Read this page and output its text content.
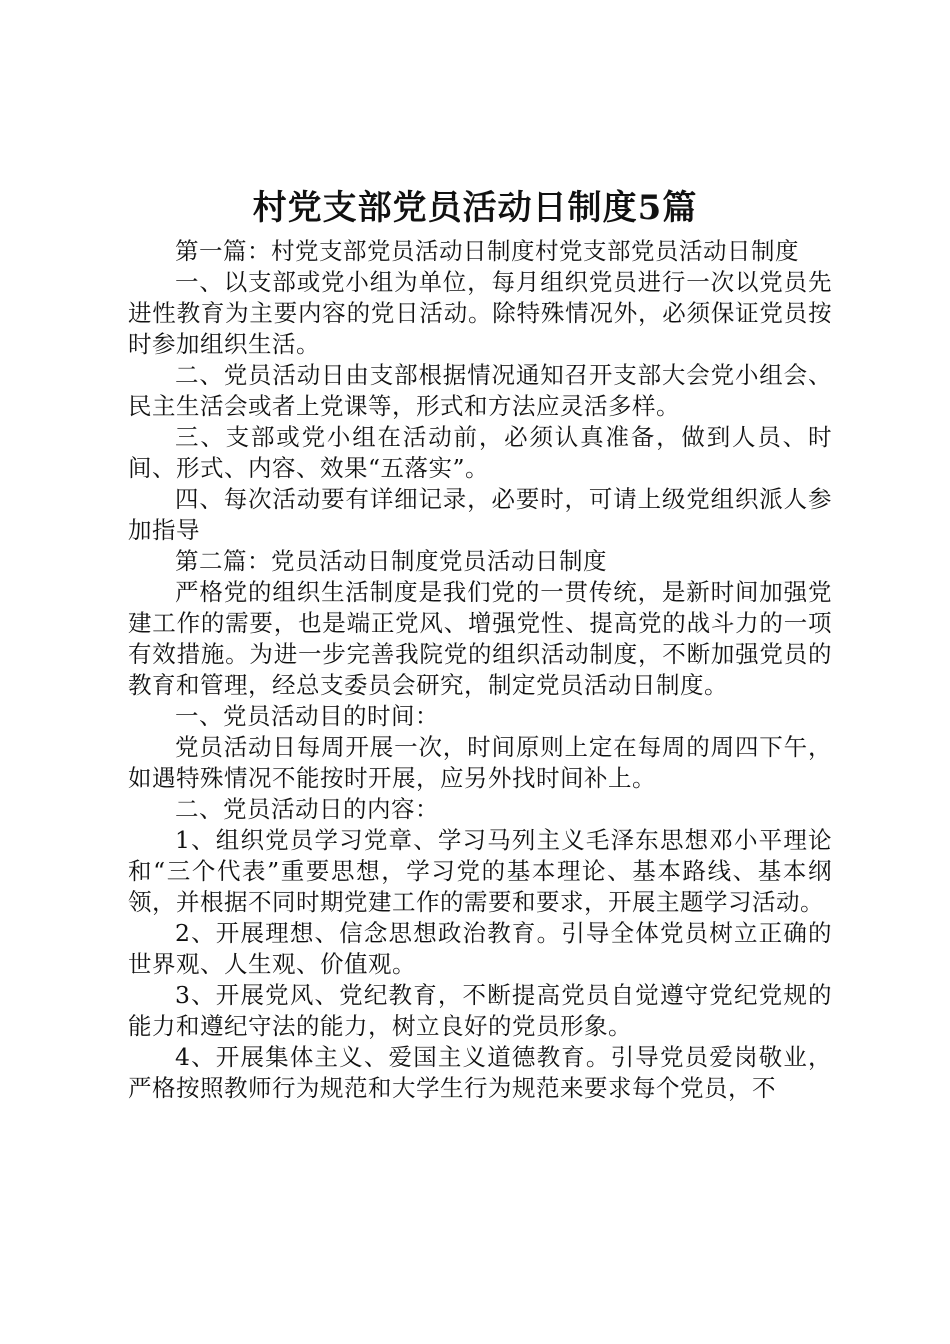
村党支部党员活动日制度5篇

第一篇：村党支部党员活动日制度村党支部党员活动日制度

一、以支部或党小组为单位，每月组织党员进行一次以党员先进性教育为主要内容的党日活动。除特殊情况外，必须保证党员按时参加组织生活。

二、党员活动日由支部根据情况通知召开支部大会党小组会、民主生活会或者上党课等，形式和方法应灵活多样。

三、支部或党小组在活动前，必须认真准备，做到人员、时间、形式、内容、效果“五落实”。

四、每次活动要有详细记录，必要时，可请上级党组织派人参加指导

第二篇：党员活动日制度党员活动日制度

严格党的组织生活制度是我们党的一贯传统，是新时间加强党建工作的需要，也是端正党风、增强党性、提高党的战斗力的一项有效措施。为进一步完善我院党的组织活动制度，不断加强党员的教育和管理，经总支委员会研究，制定党员活动日制度。

一、党员活动目的时间：

党员活动日每周开展一次，时间原则上定在每周的周四下午，如遇特殊情况不能按时开展，应另外找时间补上。

二、党员活动日的内容：

1、组织党员学习党章、学习马列主义毛泽东思想邓小平理论和“三个代表”重要思想，学习党的基本理论、基本路线、基本纲领，并根据不同时期党建工作的需要和要求，开展主题学习活动。

2、开展理想、信念思想政治教育。引导全体党员树立正确的世界观、人生观、价值观。

3、开展党风、党纪教育，不断提高党员自觉遵守党纪党规的能力和遵纪守法的能力，树立良好的党员形象。

4、开展集体主义、爱国主义道德教育。引导党员爱岗敬业，严格按照教师行为规范和大学生行为规范来要求每个党员，不
